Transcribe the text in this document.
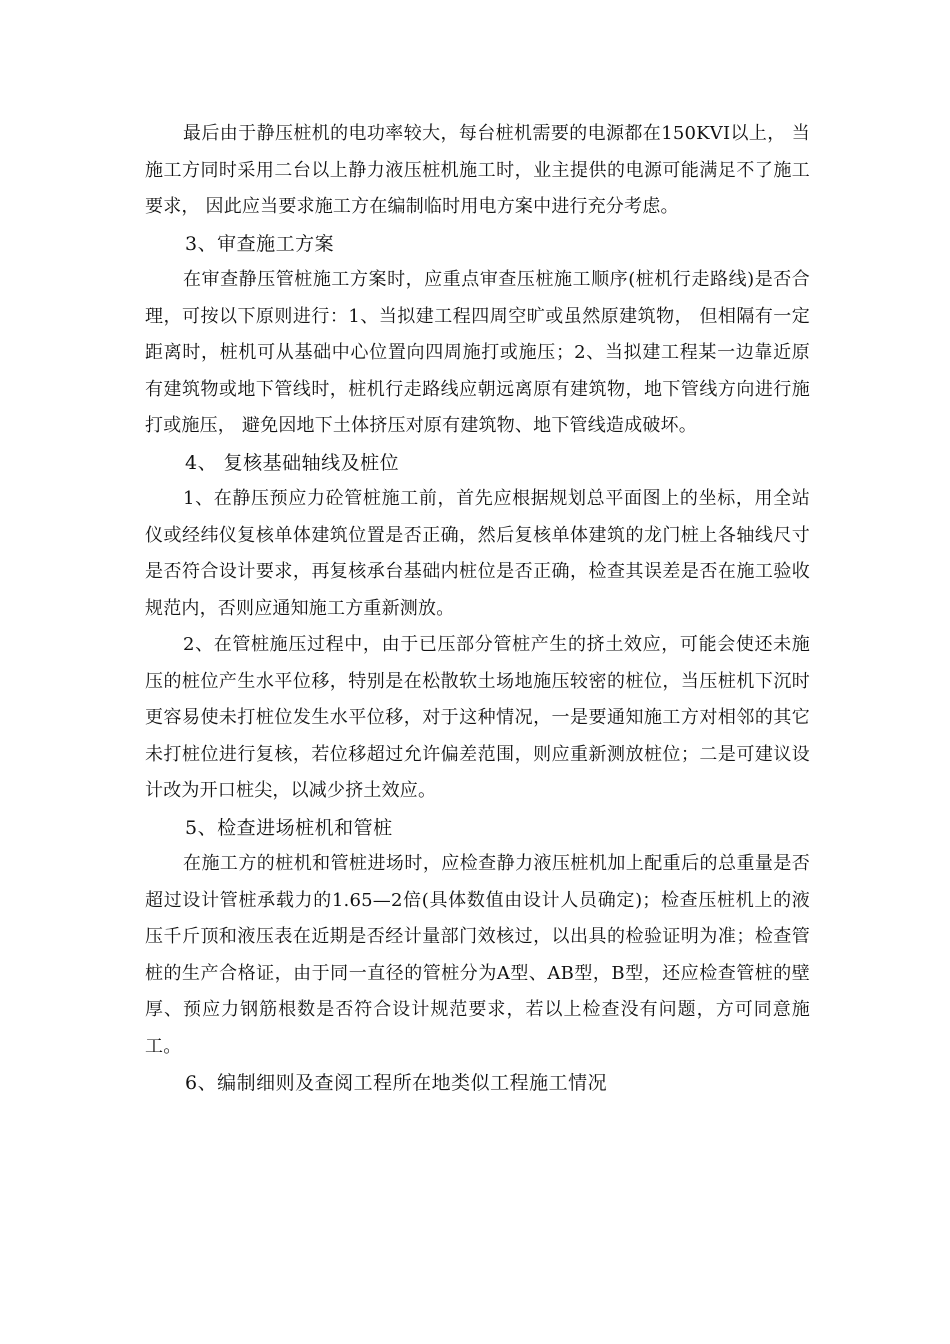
最后由于静压桩机的电功率较大，每台桩机需要的电源都在150KVI以上， 当施工方同时采用二台以上静力液压桩机施工时，业主提供的电源可能满足不了施工要求， 因此应当要求施工方在编制临时用电方案中进行充分考虑。

3、审查施工方案

在审查静压管桩施工方案时，应重点审查压桩施工顺序(桩机行走路线)是否合理，可按以下原则进行：1、当拟建工程四周空旷或虽然原建筑物， 但相隔有一定距离时，桩机可从基础中心位置向四周施打或施压；2、当拟建工程某一边靠近原有建筑物或地下管线时，桩机行走路线应朝远离原有建筑物，地下管线方向进行施打或施压， 避免因地下土体挤压对原有建筑物、地下管线造成破坏。

4、 复核基础轴线及桩位

1、在静压预应力砼管桩施工前，首先应根据规划总平面图上的坐标，用全站仪或经纬仪复核单体建筑位置是否正确，然后复核单体建筑的龙门桩上各轴线尺寸是否符合设计要求，再复核承台基础内桩位是否正确，检查其误差是否在施工验收规范内，否则应通知施工方重新测放。

2、在管桩施压过程中，由于已压部分管桩产生的挤土效应，可能会使还未施压的桩位产生水平位移，特别是在松散软土场地施压较密的桩位，当压桩机下沉时更容易使未打桩位发生水平位移，对于这种情况，一是要通知施工方对相邻的其它未打桩位进行复核，若位移超过允许偏差范围，则应重新测放桩位；二是可建议设计改为开口桩尖，以减少挤土效应。

5、检查进场桩机和管桩

在施工方的桩机和管桩进场时，应检查静力液压桩机加上配重后的总重量是否超过设计管桩承载力的1.65—2倍(具体数值由设计人员确定)；检查压桩机上的液压千斤顶和液压表在近期是否经计量部门效核过，以出具的检验证明为准；检查管桩的生产合格证，由于同一直径的管桩分为A型、AB型，B型，还应检查管桩的壁厚、预应力钢筋根数是否符合设计规范要求，若以上检查没有问题，方可同意施工。

6、编制细则及查阅工程所在地类似工程施工情况
